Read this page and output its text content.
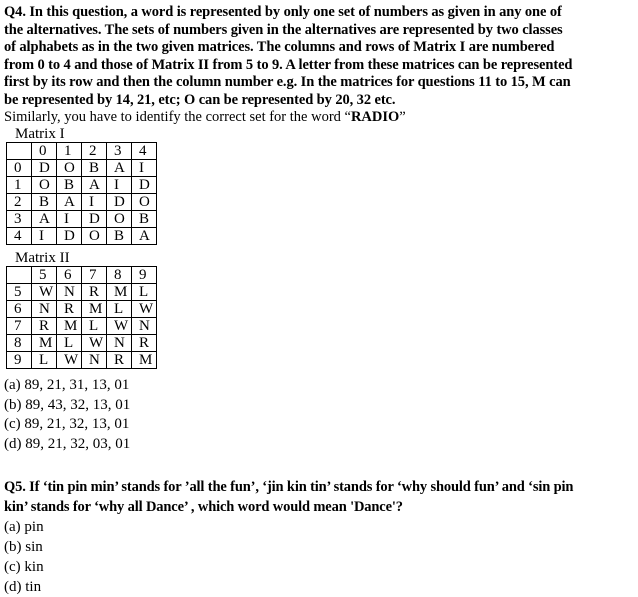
Q4. In this question, a word is represented by only one set of numbers as given in any one of
the alternatives. The sets of numbers given in the alternatives are represented by two classes
of alphabets as in the two given matrices. The columns and rows of Matrix I are numbered
from 0 to 4 and those of Matrix II from 5 to 9. A letter from these matrices can be represented
first by its row and then the column number e.g. In the matrices for questions 11 to 15, M can
be represented by 14, 21, etc; O can be represented by 20, 32 etc.
Similarly, you have to identify the correct set for the word “RADIO”
Matrix I
	0	1	2	3	4
0	D	O	B	A	I
1	O	B	A	I	D
2	B	A	I	D	O
3	A	I	D	O	B
4	I	D	O	B	A
Matrix II
	5	6	7	8	9
5	W	N	R	M	L
6	N	R	M	L	W
7	R	M	L	W	N
8	M	L	W	N	R
9	L	W	N	R	M
(a) 89, 21, 31, 13, 01
(b) 89, 43, 32, 13, 01
(c) 89, 21, 32, 13, 01
(d) 89, 21, 32, 03, 01
Q5. If ‘tin pin min’ stands for ’all the fun’, ‘jin kin tin’ stands for ‘why should fun’ and ‘sin pin
kin’ stands for ‘why all Dance’ , which word would mean 'Dance'?
(a) pin
(b) sin
(c) kin
(d) tin
